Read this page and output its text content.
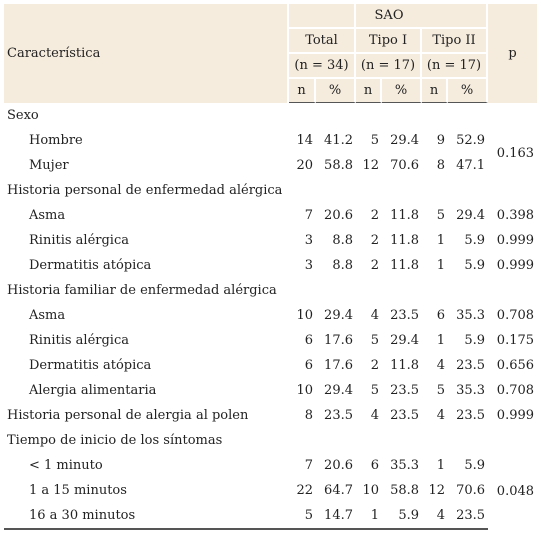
Característica			SAO				p
	Total		Tipo I		Tipo II		
	(n = 34)		(n = 17)		(n = 17)		
	n	%	n	%	n	%	
Sexo							
Hombre	14	41.2	5	29.4	9	52.9	0.163
Mujer	20	58.8	12	70.6	8	47.1	
Historia personal de enfermedad alérgica							
Asma	7	20.6	2	11.8	5	29.4	0.398
Rinitis alérgica	3	8.8	2	11.8	1	5.9	0.999
Dermatitis atópica	3	8.8	2	11.8	1	5.9	0.999
Historia familiar de enfermedad alérgica							
Asma	10	29.4	4	23.5	6	35.3	0.708
Rinitis alérgica	6	17.6	5	29.4	1	5.9	0.175
Dermatitis atópica	6	17.6	2	11.8	4	23.5	0.656
Alergia alimentaria	10	29.4	5	23.5	5	35.3	0.708
Historia personal de alergia al polen	8	23.5	4	23.5	4	23.5	0.999
Tiempo de inicio de los síntomas							
< 1 minuto	7	20.6	6	35.3	1	5.9	0.048
1 a 15 minutos	22	64.7	10	58.8	12	70.6	
16 a 30 minutos	5	14.7	1	5.9	4	23.5	
